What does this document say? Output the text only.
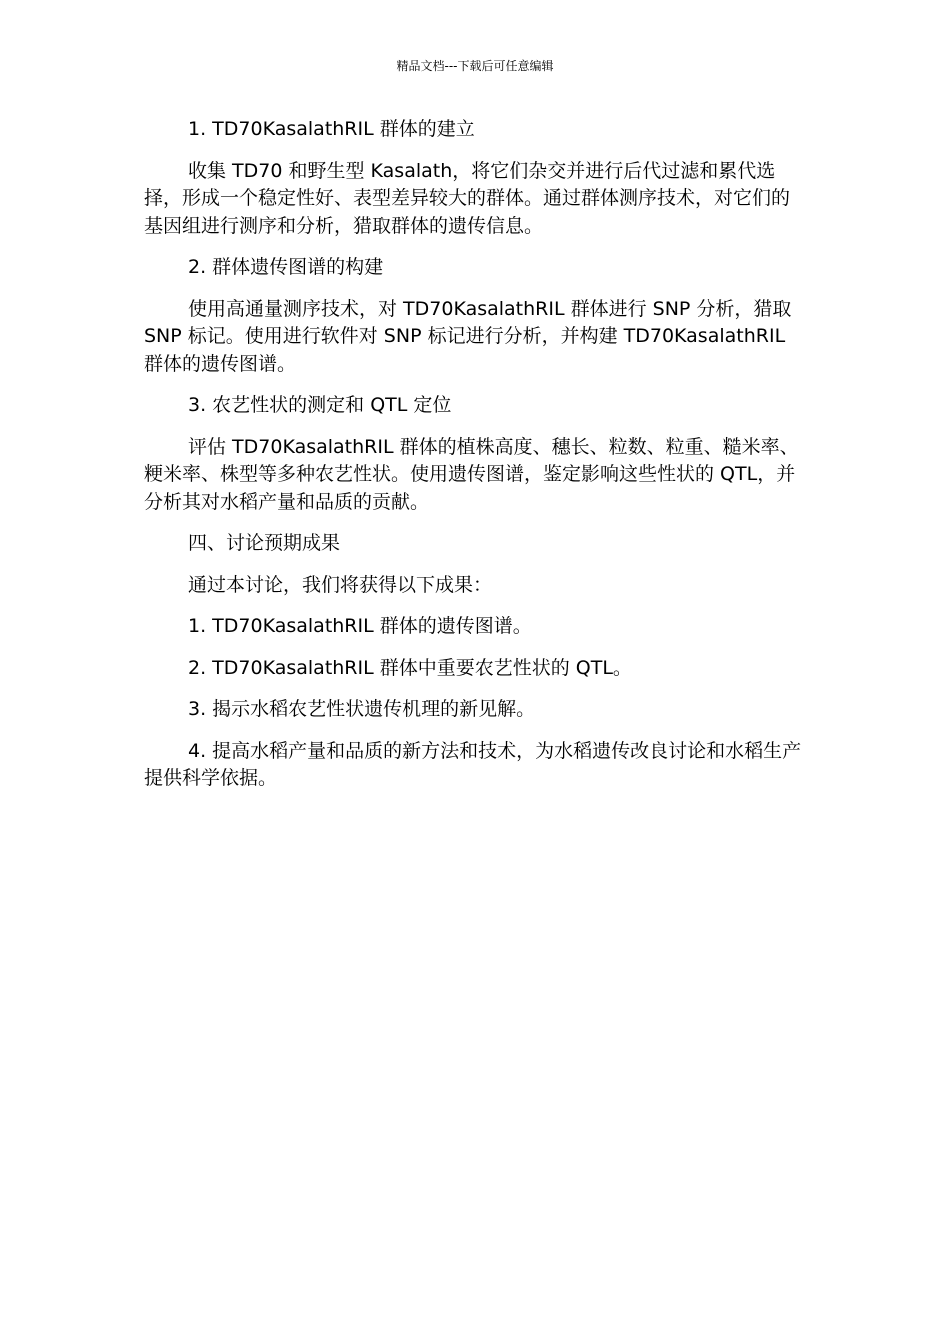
精品文档---下载后可任意编辑

1. TD70KasalathRIL 群体的建立

收集 TD70 和野生型 Kasalath，将它们杂交并进行后代过滤和累代选择，形成一个稳定性好、表型差异较大的群体。通过群体测序技术，对它们的基因组进行测序和分析，猎取群体的遗传信息。

2. 群体遗传图谱的构建

使用高通量测序技术，对 TD70KasalathRIL 群体进行 SNP 分析，猎取 SNP 标记。使用进行软件对 SNP 标记进行分析，并构建 TD70KasalathRIL 群体的遗传图谱。

3. 农艺性状的测定和 QTL 定位

评估 TD70KasalathRIL 群体的植株高度、穗长、粒数、粒重、糙米率、粳米率、株型等多种农艺性状。使用遗传图谱，鉴定影响这些性状的 QTL，并分析其对水稻产量和品质的贡献。

四、讨论预期成果

通过本讨论，我们将获得以下成果：

1. TD70KasalathRIL 群体的遗传图谱。

2. TD70KasalathRIL 群体中重要农艺性状的 QTL。

3. 揭示水稻农艺性状遗传机理的新见解。

4. 提高水稻产量和品质的新方法和技术，为水稻遗传改良讨论和水稻生产提供科学依据。
